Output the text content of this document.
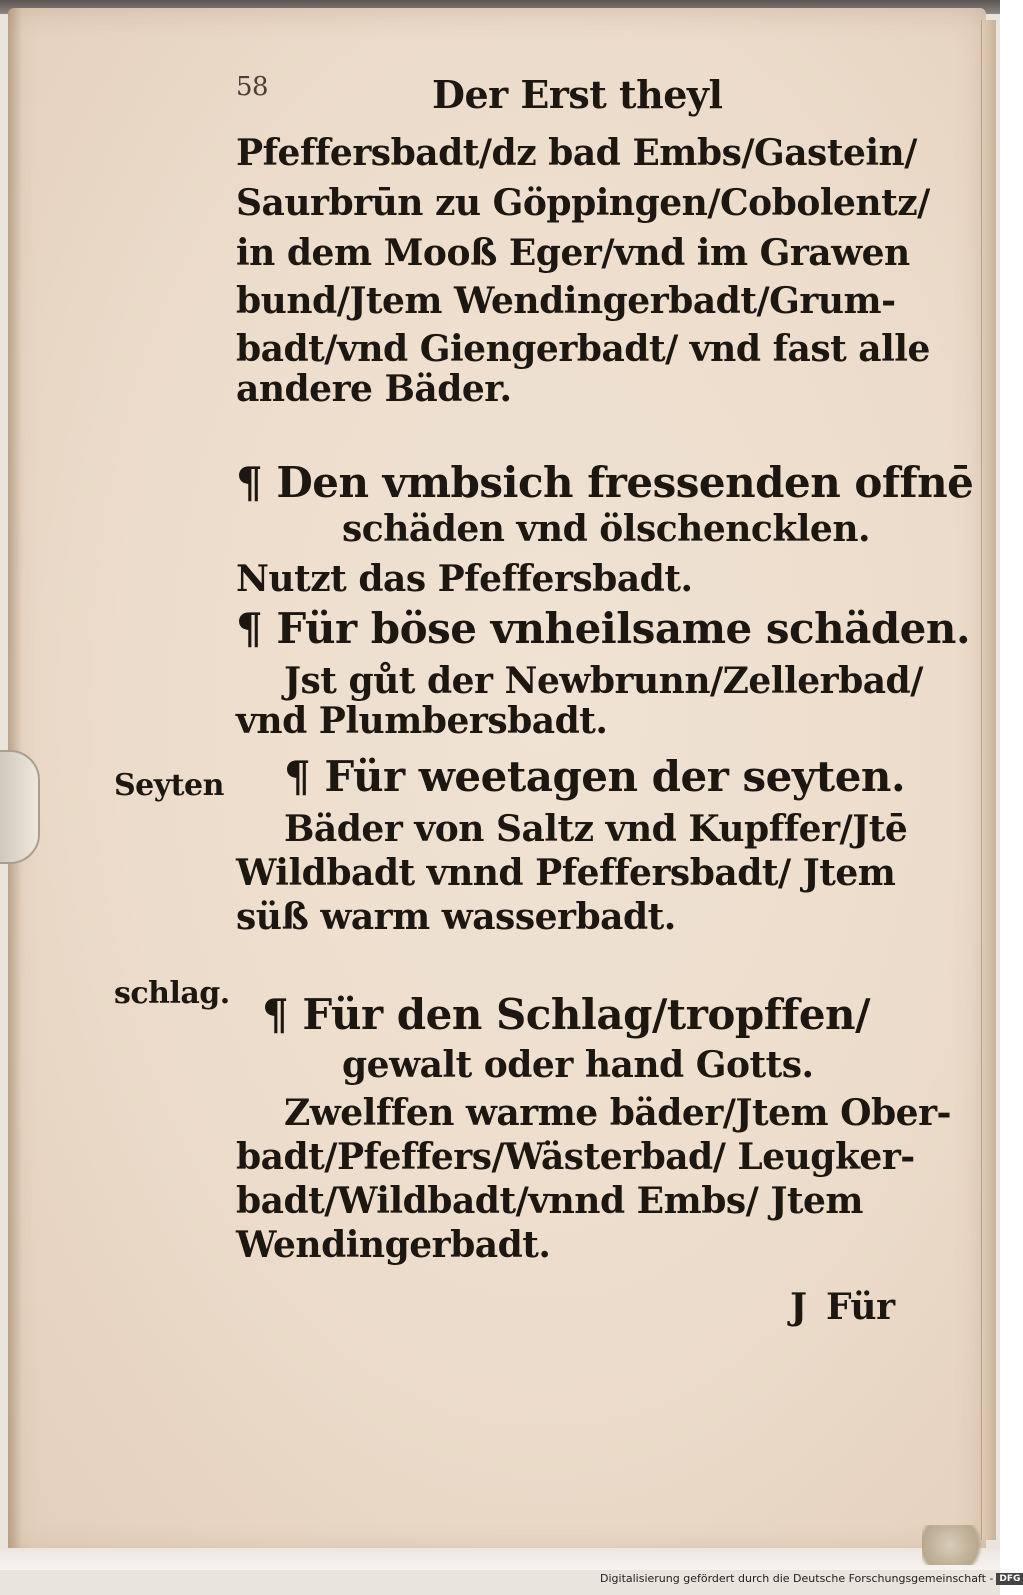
58	Der Erst theyl
Pfeffersbadt/dz bad Embs/Gastein/
Saurbrūn zu Göppingen/Cobolentz/
in dem Mooß Eger/vnd im Grawen
bund/Jtem Wendingerbadt/Grum-
badt/vnd Giengerbadt/ vnd fast alle
andere Bäder.
¶ Den vmbsich fressenden offnē
schäden vnd ölschencklen.
Nutzt das Pfeffersbadt.
¶ Für böse vnheilsame schäden.
Jst gůt der Newbrunn/Zellerbad/
vnd Plumbersbadt.
Seyten ¶ Für weetagen der seyten.
Bäder von Saltz vnd Kupffer/Jtē
Wildbadt vnnd Pfeffersbadt/ Jtem
süß warm wasserbadt.
schlag. ¶ Für den Schlag/tropffen/
gewalt oder hand Gotts.
Zwelffen warme bäder/Jtem Ober-
badt/Pfeffers/Wästerbad/ Leugker-
badt/Wildbadt/vnnd Embs/ Jtem
Wendingerbadt.
J Für
Digitalisierung gefördert durch die Deutsche Forschungsgemeinschaft - DFG
